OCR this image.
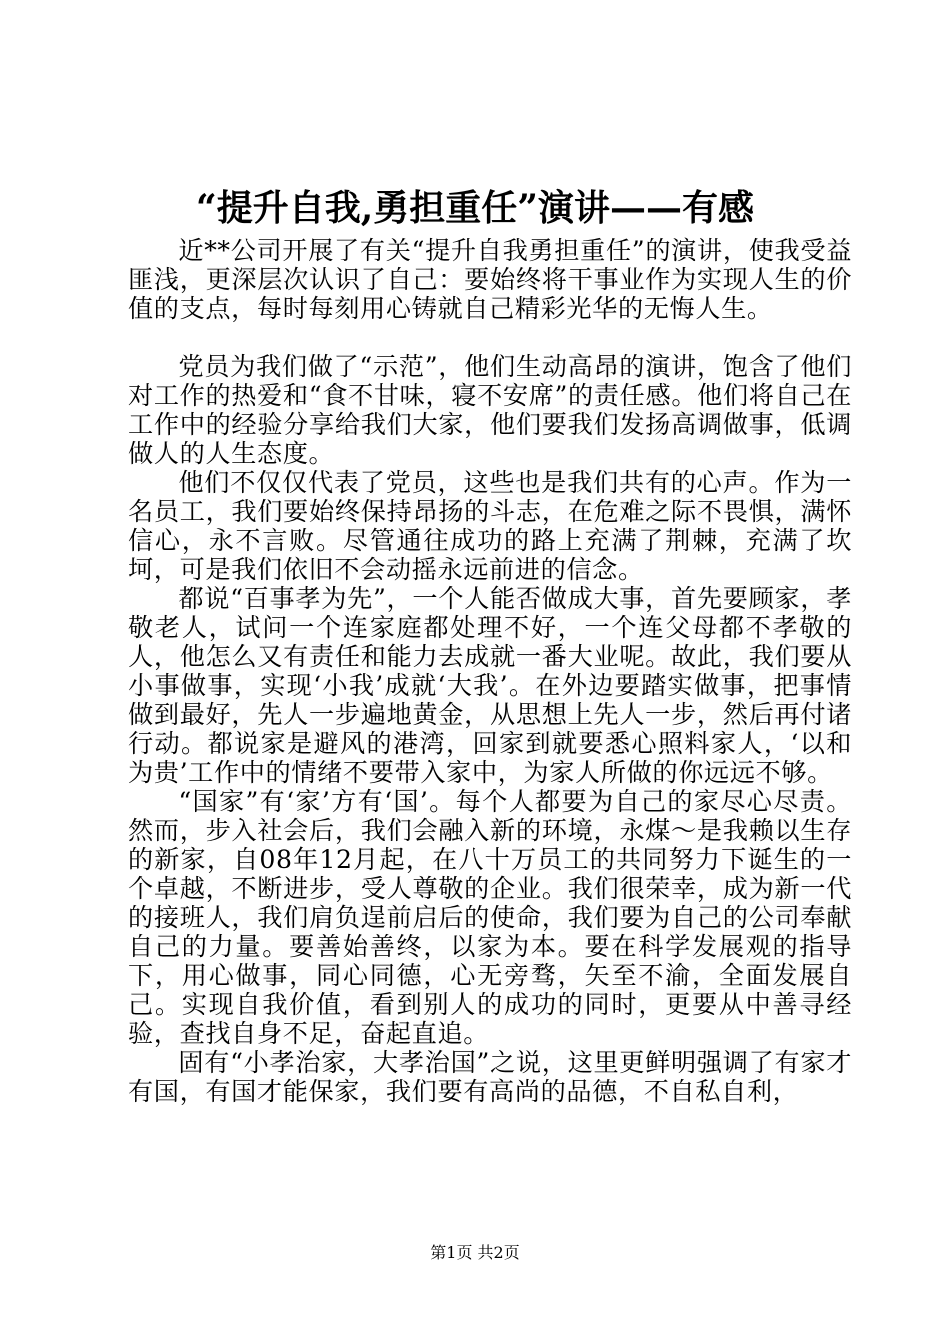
“提升自我,勇担重任”演讲——有感

近**公司开展了有关“提升自我勇担重任”的演讲，使我受益匪浅，更深层次认识了自己：要始终将干事业作为实现人生的价值的支点，每时每刻用心铸就自己精彩光华的无悔人生。

党员为我们做了“示范”，他们生动高昂的演讲，饱含了他们对工作的热爱和“食不甘味，寝不安席”的责任感。他们将自己在工作中的经验分享给我们大家，他们要我们发扬高调做事，低调做人的人生态度。

他们不仅仅代表了党员，这些也是我们共有的心声。作为一名员工，我们要始终保持昂扬的斗志，在危难之际不畏惧，满怀信心，永不言败。尽管通往成功的路上充满了荆棘，充满了坎坷，可是我们依旧不会动摇永远前进的信念。

都说“百事孝为先”，一个人能否做成大事，首先要顾家，孝敬老人，试问一个连家庭都处理不好，一个连父母都不孝敬的人，他怎么又有责任和能力去成就一番大业呢。故此，我们要从小事做事，实现‘小我’成就‘大我’。在外边要踏实做事，把事情做到最好，先人一步遍地黄金，从思想上先人一步，然后再付诸行动。都说家是避风的港湾，回家到就要悉心照料家人，‘以和为贵’工作中的情绪不要带入家中，为家人所做的你远远不够。

“国家”有‘家’方有‘国’。每个人都要为自己的家尽心尽责。然而，步入社会后，我们会融入新的环境，永煤～是我赖以生存的新家，自08年12月起，在八十万员工的共同努力下诞生的一个卓越，不断进步，受人尊敬的企业。我们很荣幸，成为新一代的接班人，我们肩负逞前启后的使命，我们要为自己的公司奉献自己的力量。要善始善终，以家为本。要在科学发展观的指导下，用心做事，同心同德，心无旁骛，矢至不渝，全面发展自己。实现自我价值，看到别人的成功的同时，更要从中善寻经验，查找自身不足，奋起直追。

固有“小孝治家，大孝治国”之说，这里更鲜明强调了有家才有国，有国才能保家，我们要有高尚的品德，不自私自利，

第1页 共2页
